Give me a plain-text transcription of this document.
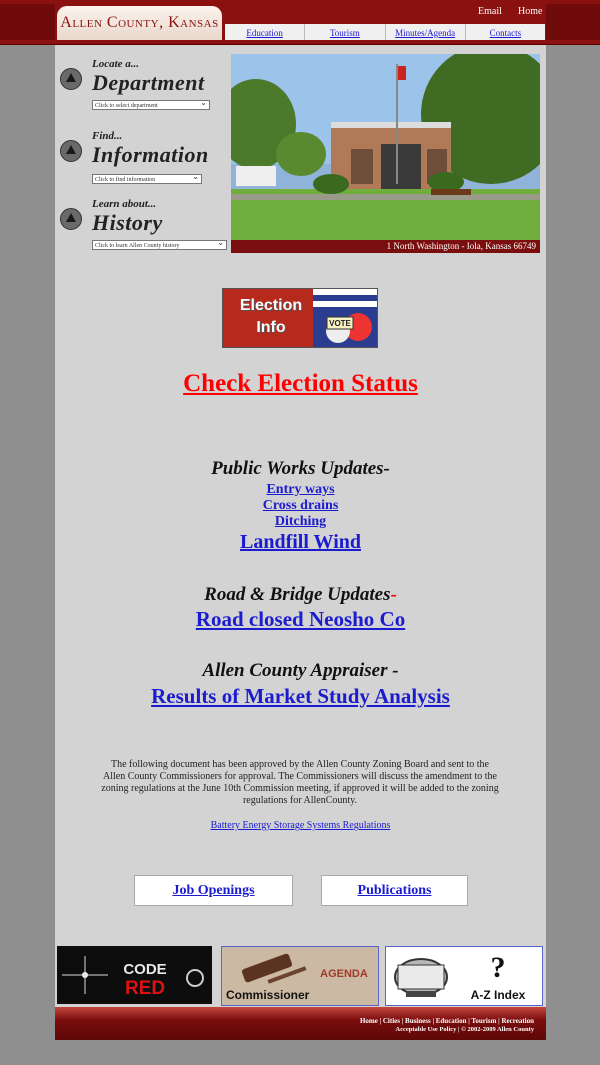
Allen County, Kansas
Email Home
Education	Tourism	Minutes/Agenda	Contacts
Locate a...
Department
Click to select department ⌄
Find...
Information
Click to find information ⌄
Learn about...
History
Click to learn Allen County history ⌄	1 North Washington - Iola, Kansas 66749
Election
Info	VOTE
Check Election Status
Public Works Updates-
Entry ways
Cross drains
Ditching
Landfill Wind
Road & Bridge Updates-
Road closed Neosho Co
Allen County Appraiser -
Results of Market Study Analysis
The following document has been approved by the Allen County Zoning Board and sent to the Allen County Commissioners for approval. The Commissioners will discuss the amendment to the zoning regulations at the June 10th Commission meeting, if approved it will be added to the zoning regulations for AllenCounty.
Battery Energy Storage Systems Regulations
Job Openings	Publications
CODE
RED
AGENDA
Commissioner
?
A-Z Index
Home | Cities | Business | Education | Tourism | Recreation
Acceptable Use Policy | © 2002-2009 Allen County
